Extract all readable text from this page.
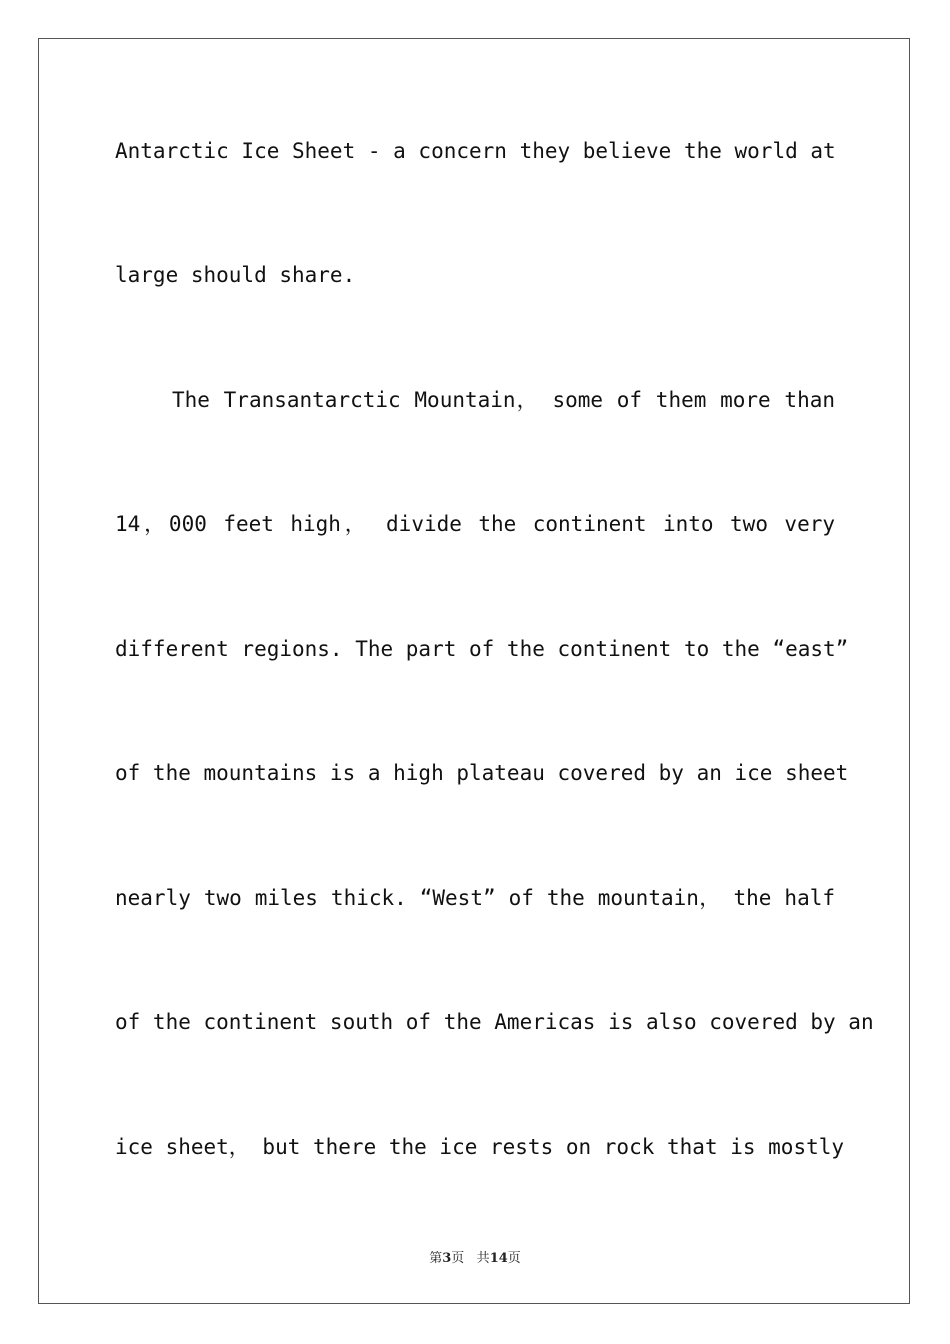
Antarctic Ice Sheet - a concern they believe the world at
large should share.
The Transantarctic Mountain， some of them more than
14，000 feet high， divide the continent into two very
different regions. The part of the continent to the “east”
of the mountains is a high plateau covered by an ice sheet
nearly two miles thick. “West” of the mountain， the half
of the continent south of the Americas is also covered by an
ice sheet， but there the ice rests on rock that is mostly
第3页 共14页
